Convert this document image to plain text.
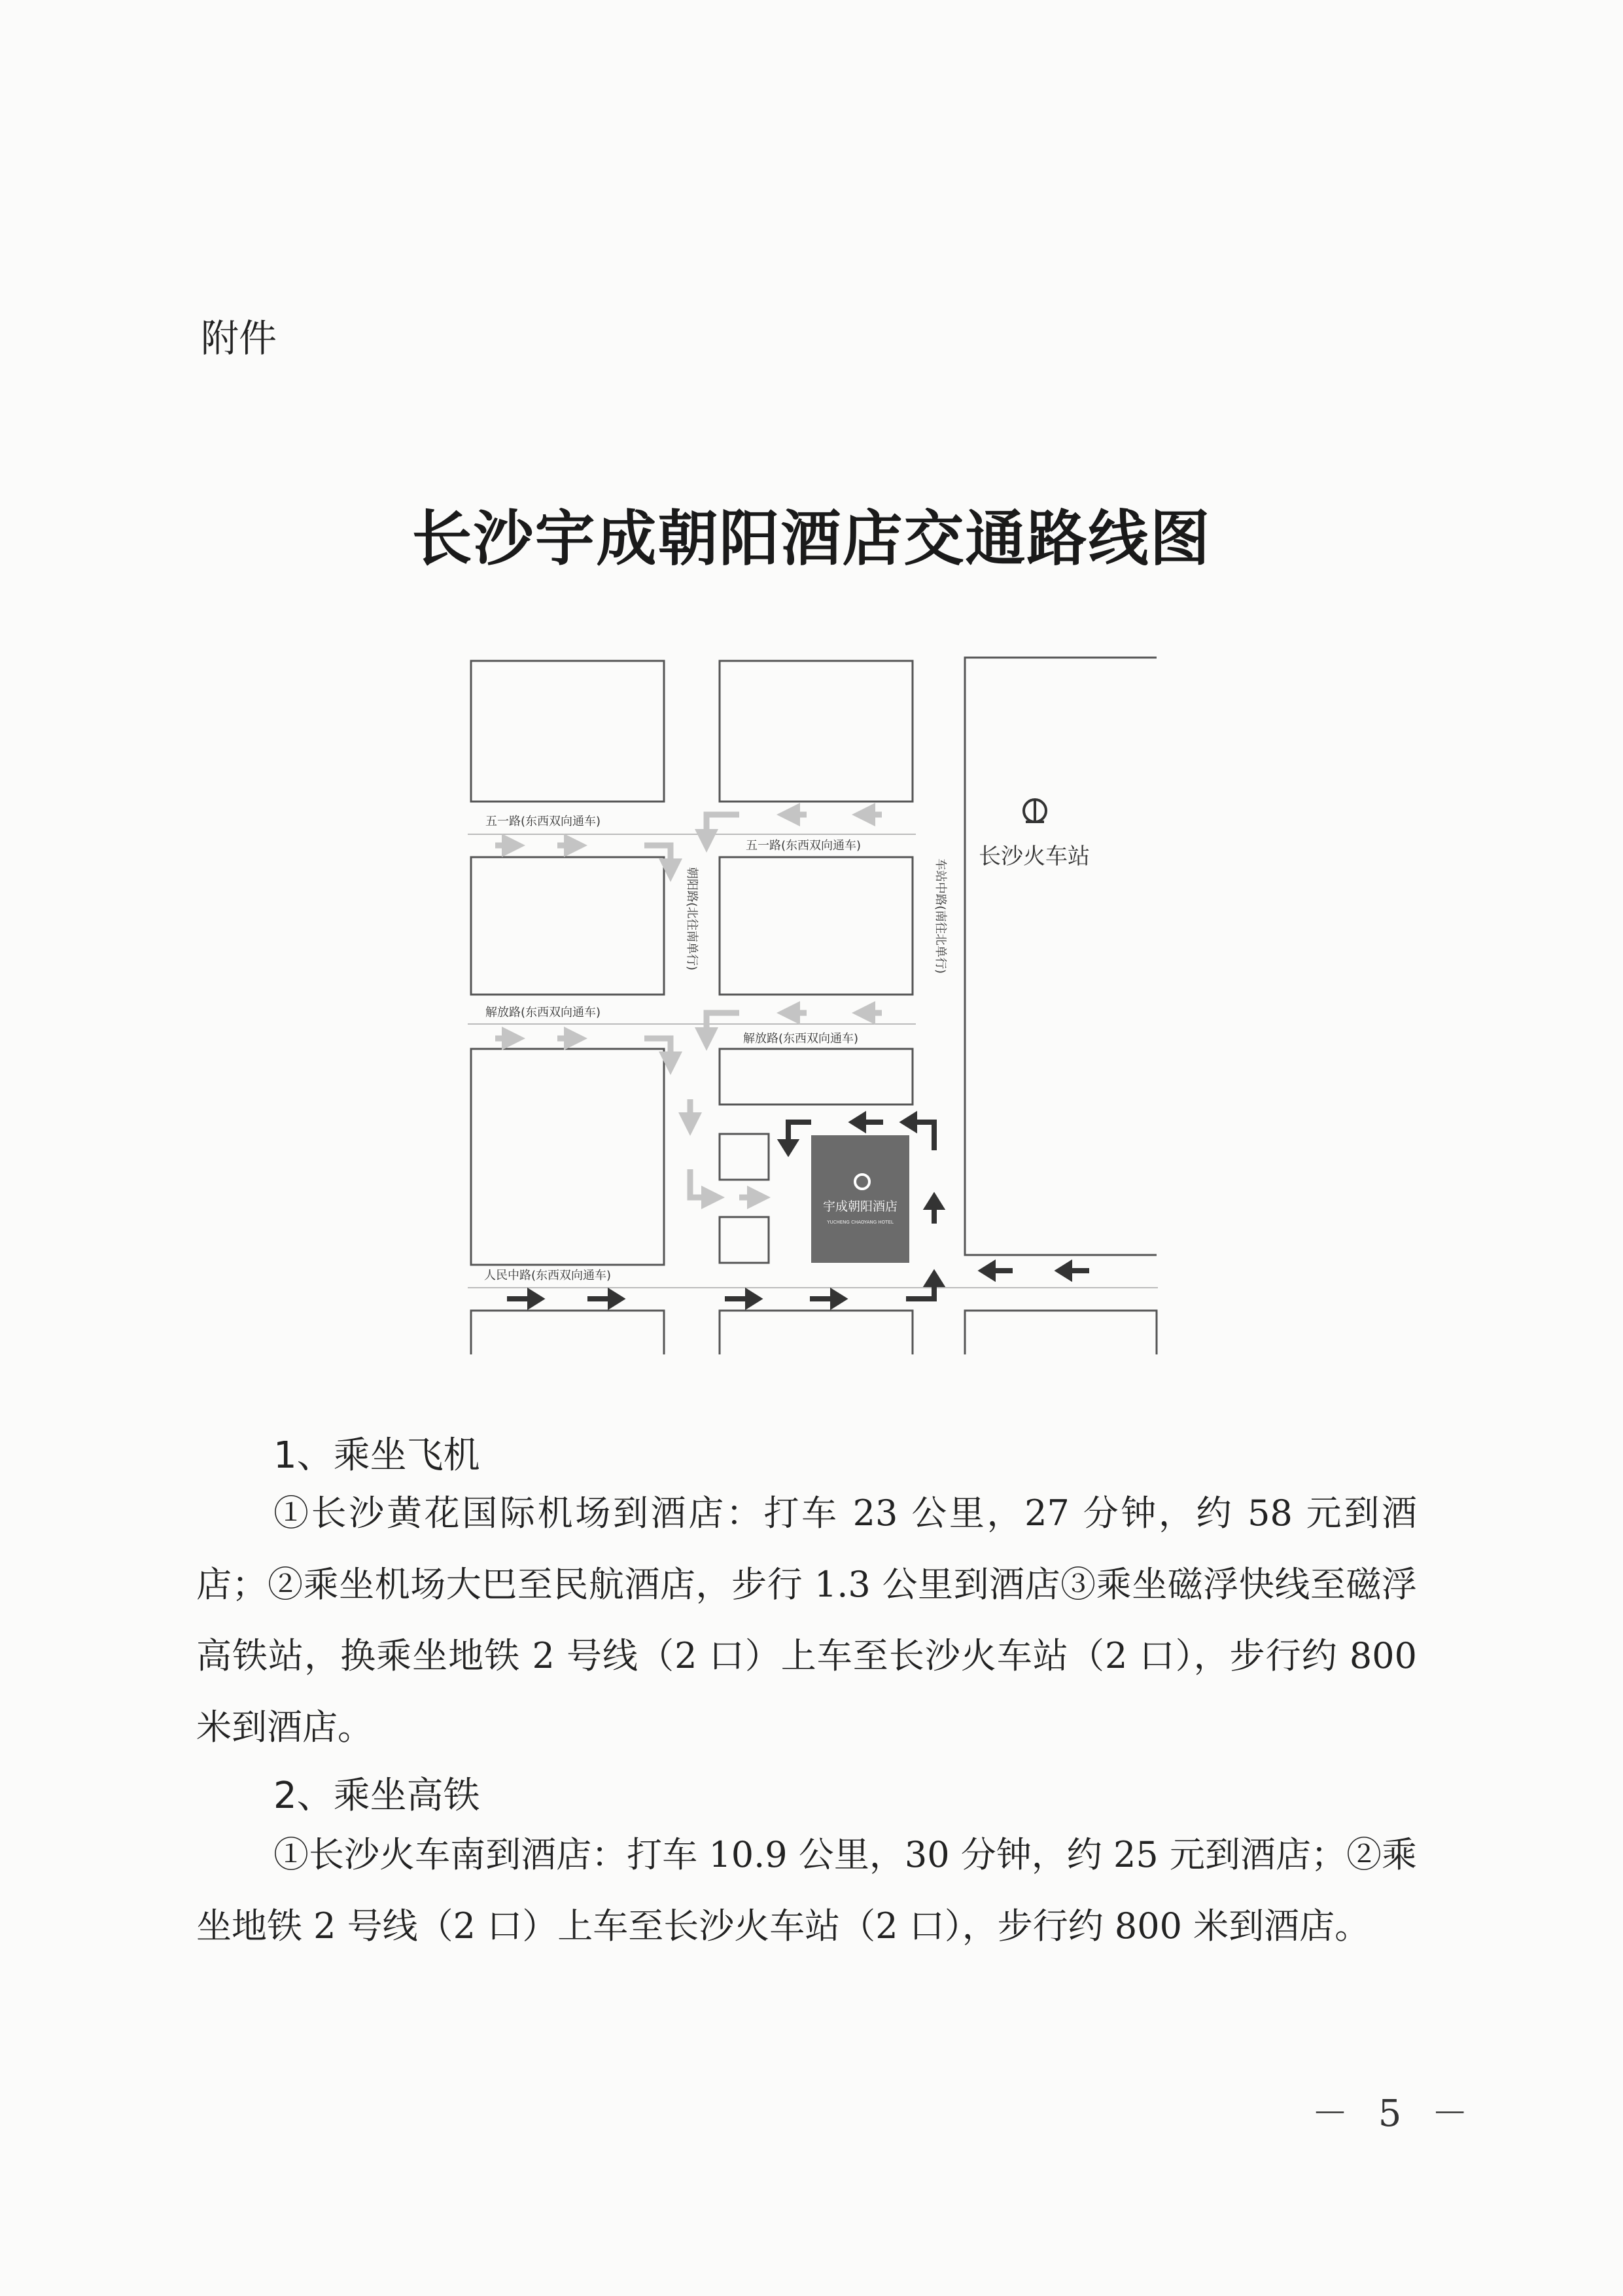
附件
长沙宇成朝阳酒店交通路线图
宇成朝阳酒店
YUCHENG CHAOYANG HOTEL
长沙火车站
五一路(东西双向通车)
五一路(东西双向通车)
解放路(东西双向通车)
解放路(东西双向通车)
人民中路(东西双向通车)
朝阳路(北往南单行)	车站中路(南往北单行)
1、乘坐飞机

①长沙黄花国际机场到酒店：打车 23 公里，27 分钟，约 58 元到酒店；②乘坐机场大巴至民航酒店，步行 1.3 公里到酒店③乘坐磁浮快线至磁浮高铁站，换乘坐地铁 2 号线（2 口）上车至长沙火车站（2 口），步行约 800 米到酒店。

2、乘坐高铁

①长沙火车南到酒店：打车 10.9 公里，30 分钟，约 25 元到酒店；②乘坐地铁 2 号线（2 口）上车至长沙火车站（2 口），步行约 800 米到酒店。

－ 5 －
